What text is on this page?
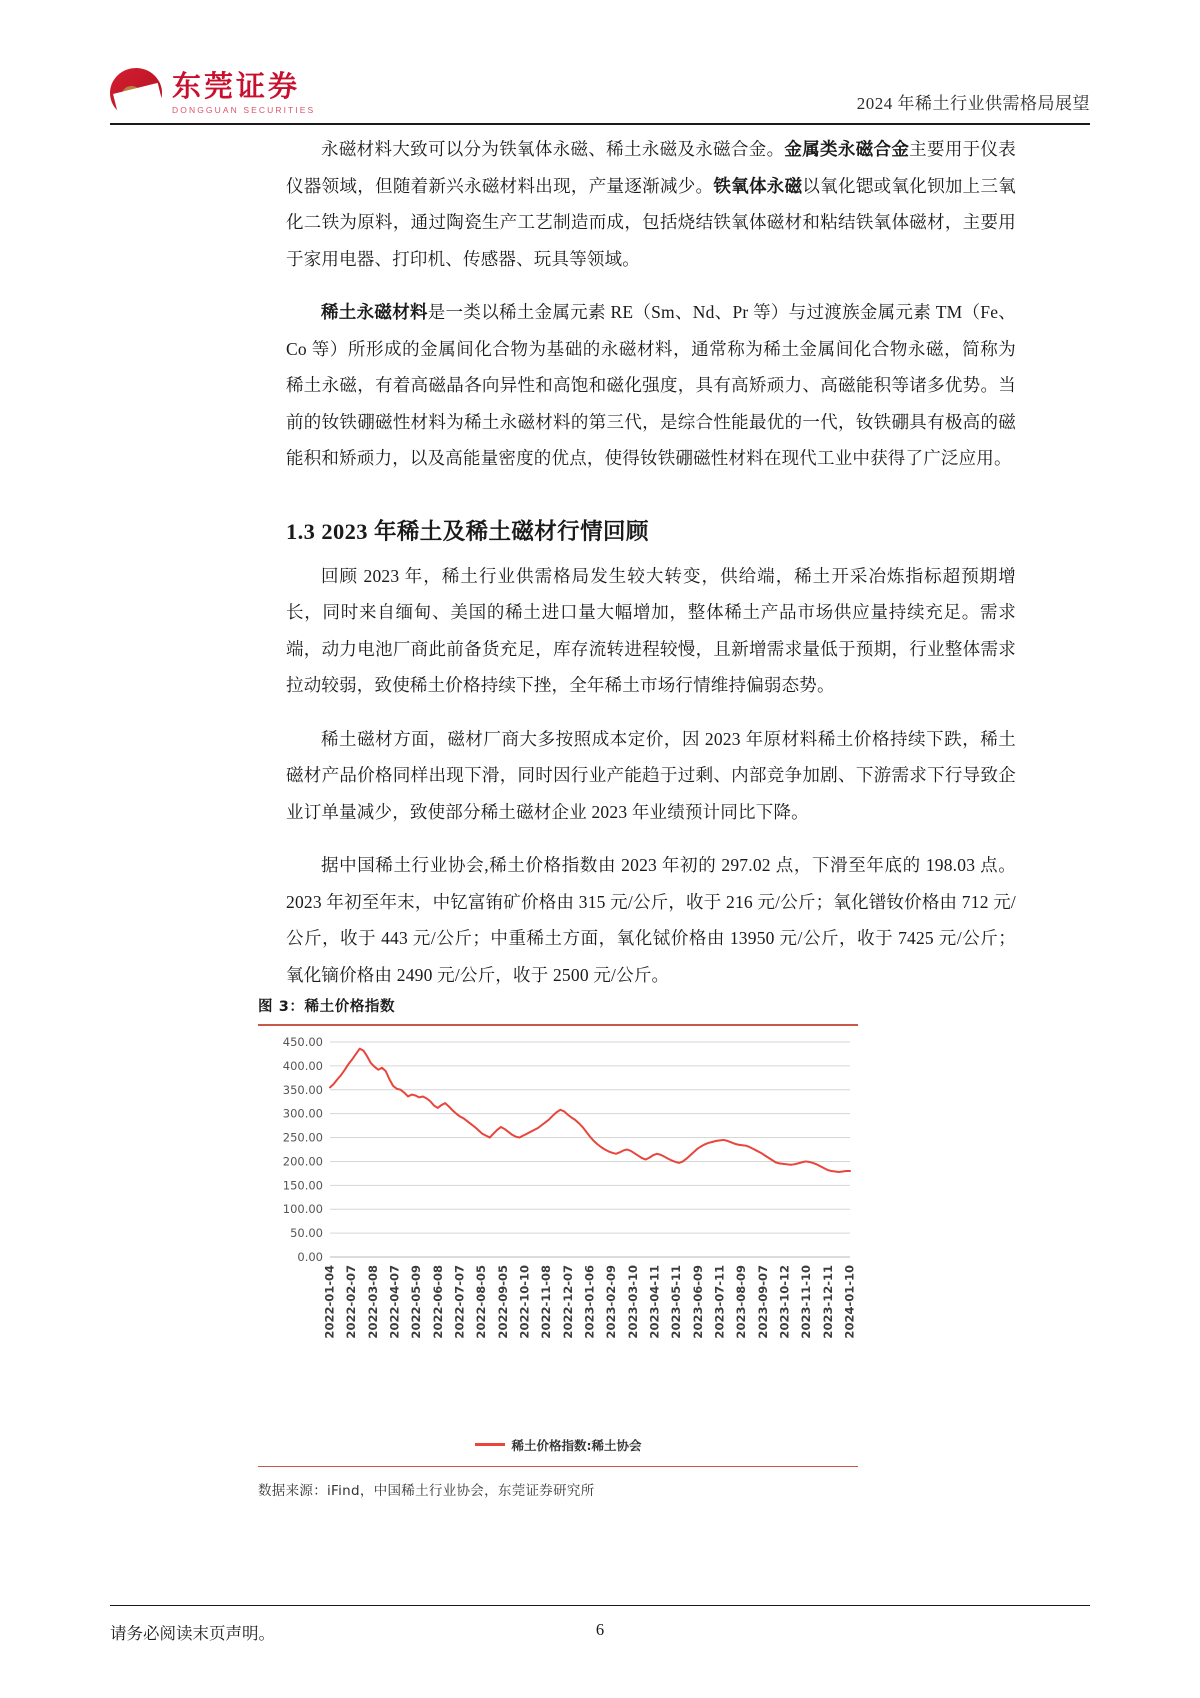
东莞证券
DONGGUAN SECURITIES	2024 年稀土行业供需格局展望

永磁材料大致可以分为铁氧体永磁、稀土永磁及永磁合金。金属类永磁合金主要用于仪表仪器领域，但随着新兴永磁材料出现，产量逐渐减少。铁氧体永磁以氧化锶或氧化钡加上三氧化二铁为原料，通过陶瓷生产工艺制造而成，包括烧结铁氧体磁材和粘结铁氧体磁材，主要用于家用电器、打印机、传感器、玩具等领域。

稀土永磁材料是一类以稀土金属元素 RE（Sm、Nd、Pr 等）与过渡族金属元素 TM（Fe、Co 等）所形成的金属间化合物为基础的永磁材料，通常称为稀土金属间化合物永磁，简称为稀土永磁，有着高磁晶各向异性和高饱和磁化强度，具有高矫顽力、高磁能积等诸多优势。当前的钕铁硼磁性材料为稀土永磁材料的第三代，是综合性能最优的一代，钕铁硼具有极高的磁能积和矫顽力，以及高能量密度的优点，使得钕铁硼磁性材料在现代工业中获得了广泛应用。

1.3 2023 年稀土及稀土磁材行情回顾

回顾 2023 年，稀土行业供需格局发生较大转变，供给端，稀土开采冶炼指标超预期增长，同时来自缅甸、美国的稀土进口量大幅增加，整体稀土产品市场供应量持续充足。需求端，动力电池厂商此前备货充足，库存流转进程较慢，且新增需求量低于预期，行业整体需求拉动较弱，致使稀土价格持续下挫，全年稀土市场行情维持偏弱态势。

稀土磁材方面，磁材厂商大多按照成本定价，因 2023 年原材料稀土价格持续下跌，稀土磁材产品价格同样出现下滑，同时因行业产能趋于过剩、内部竞争加剧、下游需求下行导致企业订单量减少，致使部分稀土磁材企业 2023 年业绩预计同比下降。

据中国稀土行业协会,稀土价格指数由 2023 年初的 297.02 点，下滑至年底的 198.03 点。2023 年初至年末，中钇富铕矿价格由 315 元/公斤，收于 216 元/公斤；氧化镨钕价格由 712 元/公斤，收于 443 元/公斤；中重稀土方面，氧化铽价格由 13950 元/公斤，收于 7425 元/公斤；氧化镝价格由 2490 元/公斤，收于 2500 元/公斤。

图 3：稀土价格指数
450.00
400.00
350.00
300.00
250.00
200.00
150.00
100.00
50.00
0.00
2022-01-04 2022-02-07 2022-03-08 2022-04-07 2022-05-09 2022-06-08 2022-07-07 2022-08-05 2022-09-05 2022-10-10 2022-11-08 2022-12-07 2023-01-06 2023-02-09 2023-03-10 2023-04-11 2023-05-11 2023-06-09 2023-07-11 2023-08-09 2023-09-07 2023-10-12 2023-11-10 2023-12-11 2024-01-10
稀土价格指数:稀土协会
数据来源：iFind，中国稀土行业协会，东莞证券研究所
请务必阅读末页声明。	6
